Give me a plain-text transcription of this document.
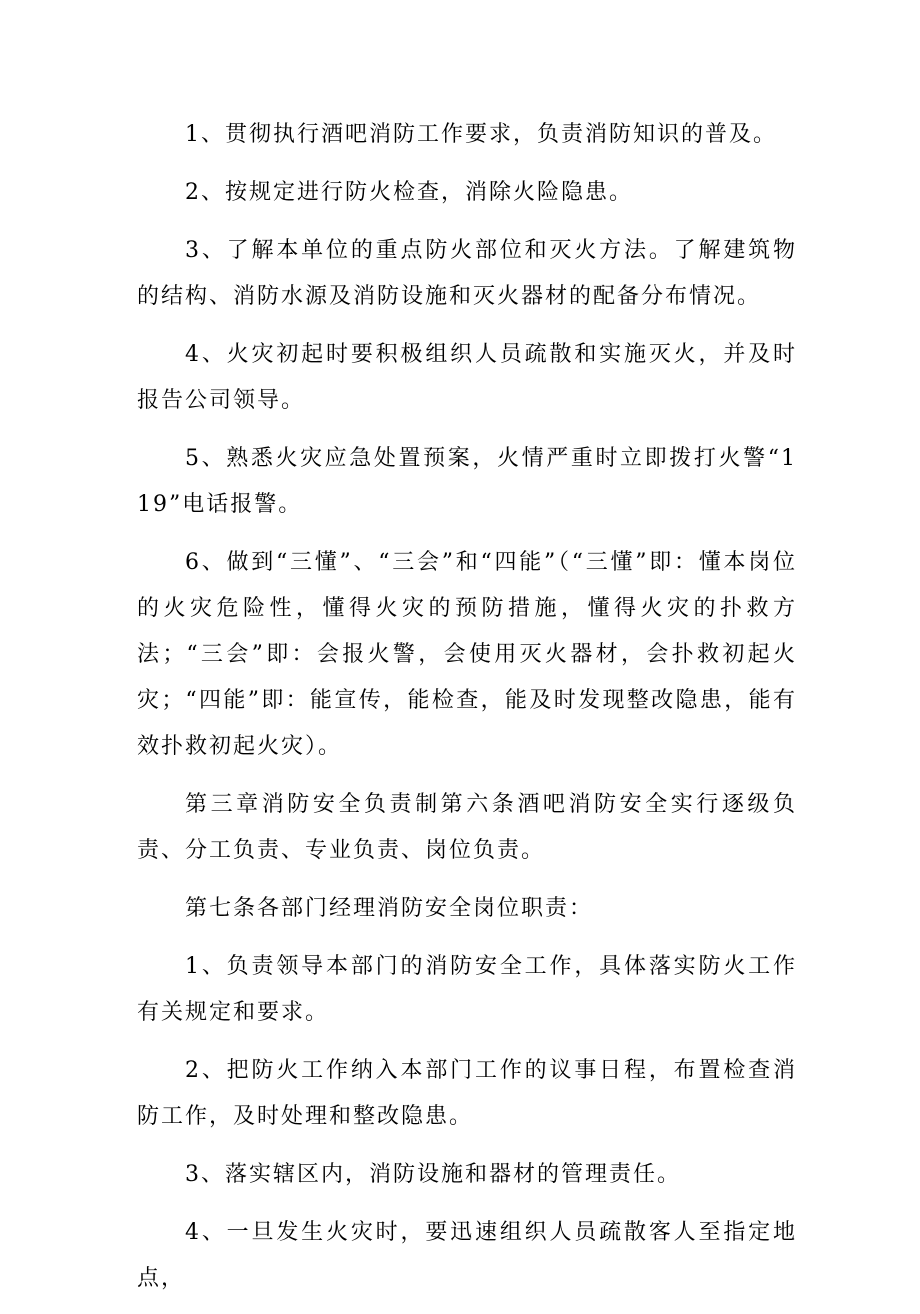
1、贯彻执行酒吧消防工作要求，负责消防知识的普及。

2、按规定进行防火检查，消除火险隐患。

3、了解本单位的重点防火部位和灭火方法。了解建筑物的结构、消防水源及消防设施和灭火器材的配备分布情况。

4、火灾初起时要积极组织人员疏散和实施灭火，并及时报告公司领导。

5、熟悉火灾应急处置预案，火情严重时立即拨打火警“119”电话报警。

6、做到“三懂”、“三会”和“四能”（“三懂”即：懂本岗位的火灾危险性，懂得火灾的预防措施，懂得火灾的扑救方法；“三会”即：会报火警，会使用灭火器材，会扑救初起火灾；“四能”即：能宣传，能检查，能及时发现整改隐患，能有效扑救初起火灾）。

第三章消防安全负责制第六条酒吧消防安全实行逐级负责、分工负责、专业负责、岗位负责。

第七条各部门经理消防安全岗位职责：

1、负责领导本部门的消防安全工作，具体落实防火工作有关规定和要求。

2、把防火工作纳入本部门工作的议事日程，布置检查消防工作，及时处理和整改隐患。

3、落实辖区内，消防设施和器材的管理责任。

4、一旦发生火灾时，要迅速组织人员疏散客人至指定地点，
